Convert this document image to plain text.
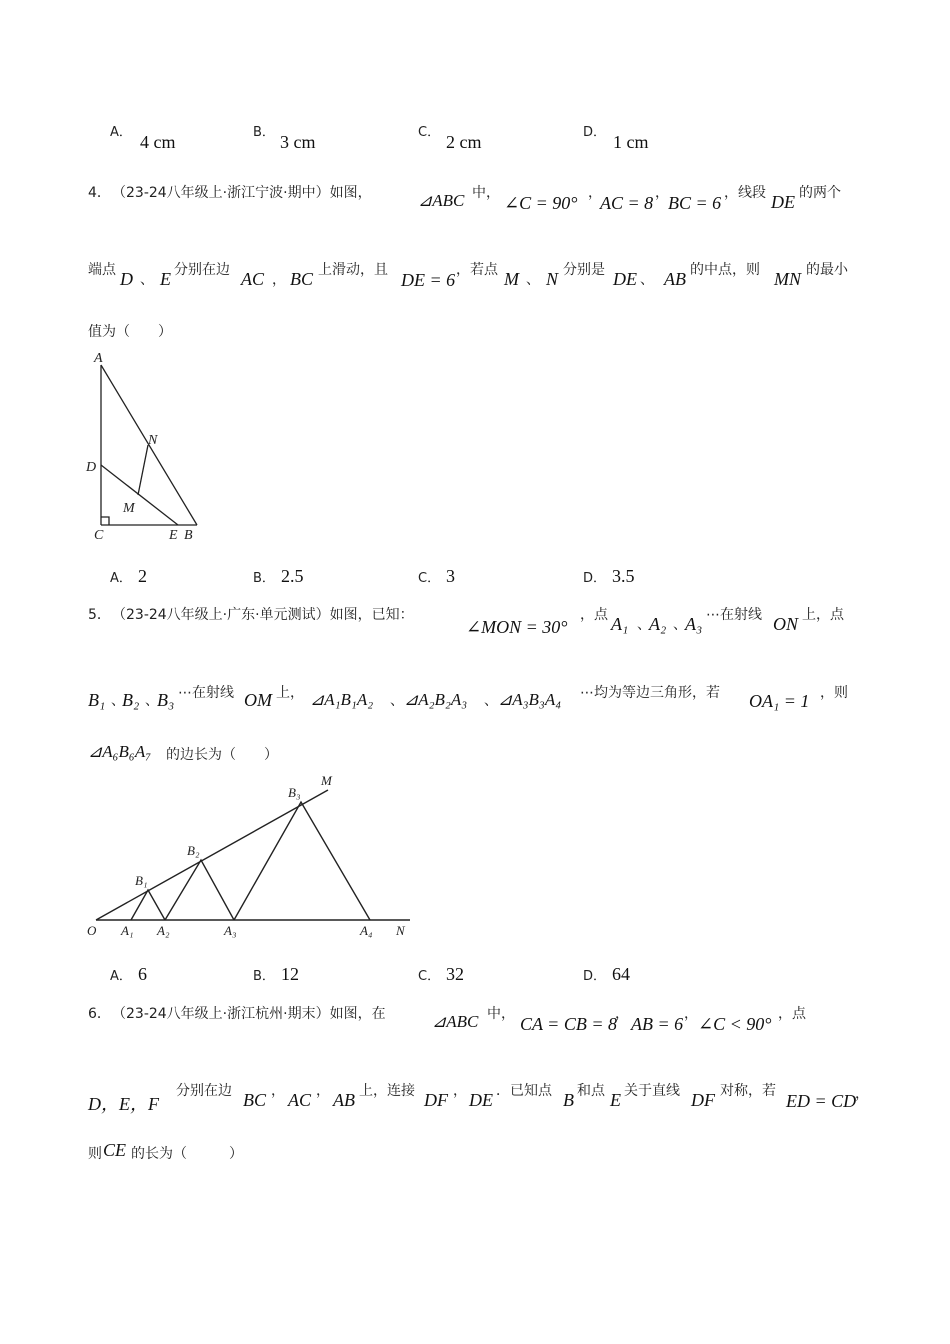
A． 4 cm	B． 3 cm	C． 2 cm	D． 1 cm
4． （23-24八年级上·浙江宁波·期中）如图，	⊿ABC 中， ∠C = 90° ，
AC = 8 ， BC = 6 ，线段 DE 的两个
端点 D 、 E 分别在边 AC ， BC 上滑动，且 DE = 6 ，若点 M 、 N 分别是 DE 、 AB 的中点，则 MN 的最小
值为（　　）
A
N
D
M
C	E B
A． 2	B． 2.5	C． 3	D． 3.5
5． （23-24八年级上·广东·单元测试）如图，已知：
∠MON = 30°
，点 A₁ 、
A₂ 、
A₃ ⋯在射线 ON 上，点
B₁ 、
B₂ 、
B₃ ⋯在射线 OM 上， ⊿A₁B₁A₂ 、 ⊿A₂B₂A₃ 、 ⊿A₃B₃A₄ ⋯均为等边三角形，若 OA₁ = 1 ，则
⊿A₆B₆A₇ 的边长为（　　）
M
B₃
B₂
B₁
O A₁ A₂	A₃	A₄ N
A． 6	B． 12	C． 32	D． 64
6． （23-24八年级上·浙江杭州·期末）如图，在	⊿ABC 中， CA = CB = 8
， AB = 6 ， ∠C < 90° ，点
D，E，F
分别在边 BC ， AC ， AB 上，连接 DF ， DE ．已知点 B 和点 E 关于直线 DF 对称，若 ED = CD
，
则 CE 的长为（　　　）
